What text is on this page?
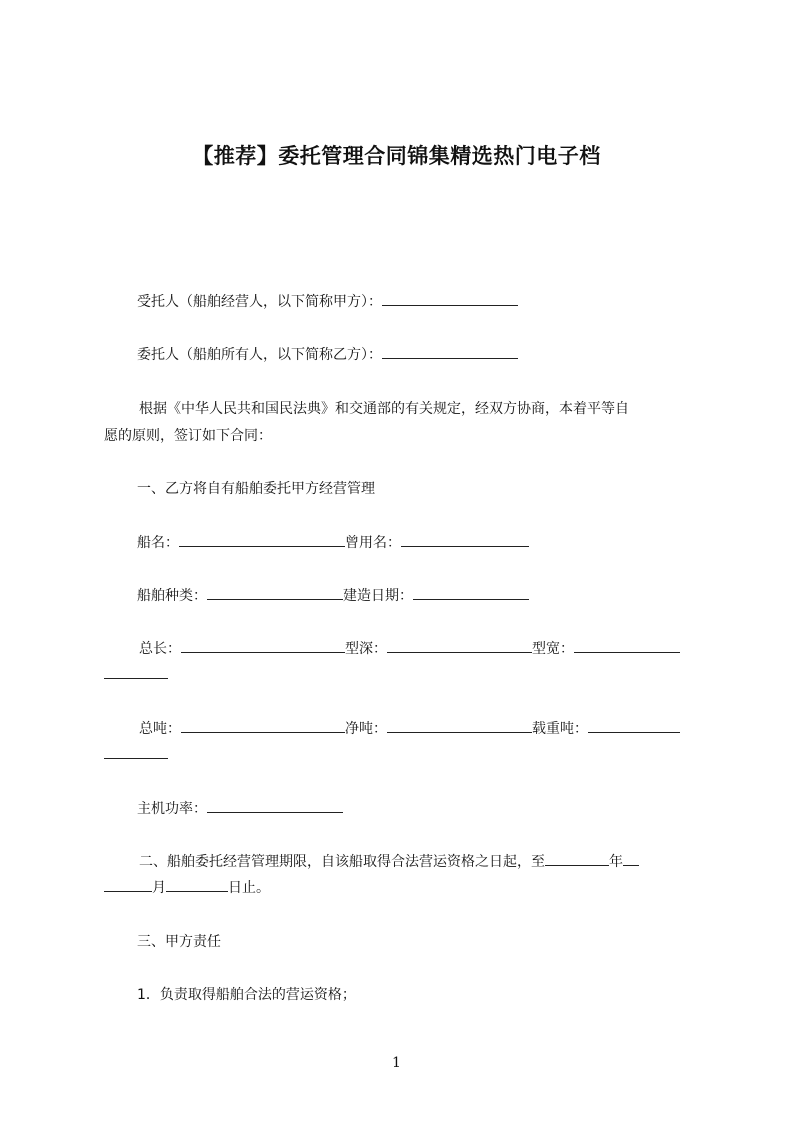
【推荐】委托管理合同锦集精选热门电子档
受托人（船舶经营人，以下简称甲方）：
委托人（船舶所有人，以下简称乙方）：
根据《中华人民共和国民法典》和交通部的有关规定，经双方协商，本着平等自
愿的原则，签订如下合同：
一、乙方将自有船舶委托甲方经营管理
船名：	曾用名：
船舶种类：	建造日期：
总长：	型深：	型宽：
总吨：	净吨：	载重吨：
主机功率：
二、船舶委托经营管理期限，自该船取得合法营运资格之日起，至	年
月	日止。
三、甲方责任
1．负责取得船舶合法的营运资格；
1
